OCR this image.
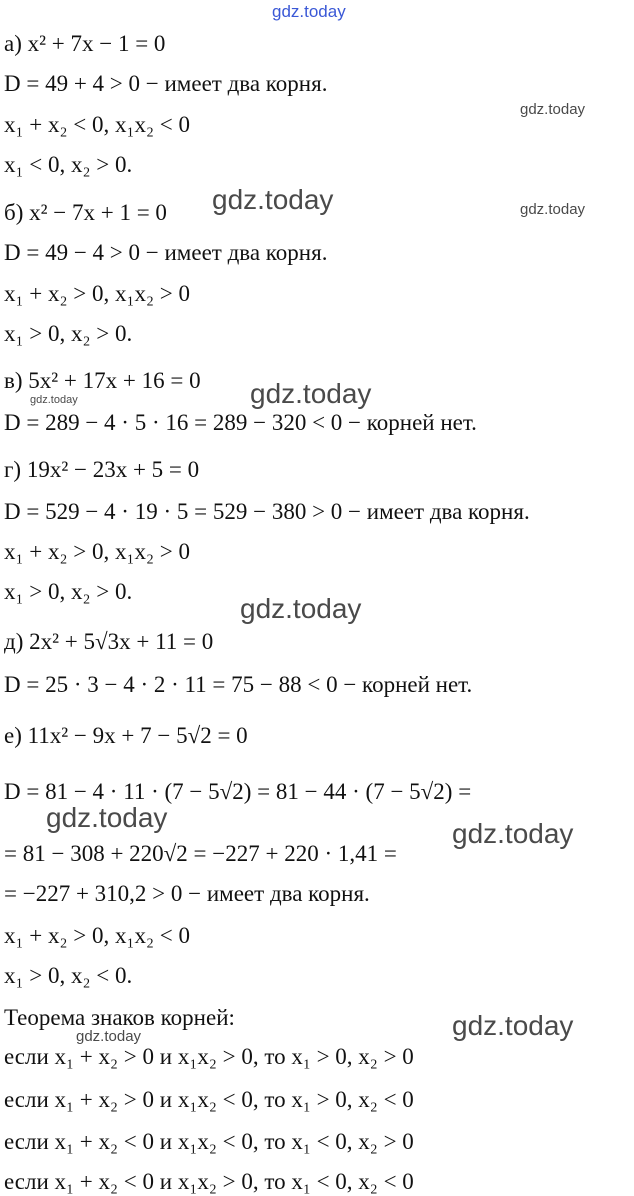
gdz.today
а) x² + 7x − 1 = 0
D = 49 + 4 > 0 − имеет два корня.
x₁ + x₂ < 0, x₁x₂ < 0
x₁ < 0, x₂ > 0.
б) x² − 7x + 1 = 0
D = 49 − 4 > 0 − имеет два корня.
x₁ + x₂ > 0, x₁x₂ > 0
x₁ > 0, x₂ > 0.
в) 5x² + 17x + 16 = 0
D = 289 − 4 · 5 · 16 = 289 − 320 < 0 − корней нет.
г) 19x² − 23x + 5 = 0
D = 529 − 4 · 19 · 5 = 529 − 380 > 0 − имеет два корня.
x₁ + x₂ > 0, x₁x₂ > 0
x₁ > 0, x₂ > 0.
д) 2x² + 5√3x + 11 = 0
D = 25 · 3 − 4 · 2 · 11 = 75 − 88 < 0 − корней нет.
е) 11x² − 9x + 7 − 5√2 = 0
D = 81 − 4 · 11 · (7 − 5√2) = 81 − 44 · (7 − 5√2) =
= 81 − 308 + 220√2 = −227 + 220 · 1,41 =
= −227 + 310,2 > 0 − имеет два корня.
x₁ + x₂ > 0, x₁x₂ < 0
x₁ > 0, x₂ < 0.
Теорема знаков корней:
если x₁ + x₂ > 0 и x₁x₂ > 0, то x₁ > 0, x₂ > 0
если x₁ + x₂ > 0 и x₁x₂ < 0, то x₁ > 0, x₂ < 0
если x₁ + x₂ < 0 и x₁x₂ < 0, то x₁ < 0, x₂ > 0
если x₁ + x₂ < 0 и x₁x₂ > 0, то x₁ < 0, x₂ < 0
gdz.today
gdz.today	gdz.today
gdz.today
gdz.today
gdz.today
gdz.today
gdz.today
gdz.today
gdz.today
